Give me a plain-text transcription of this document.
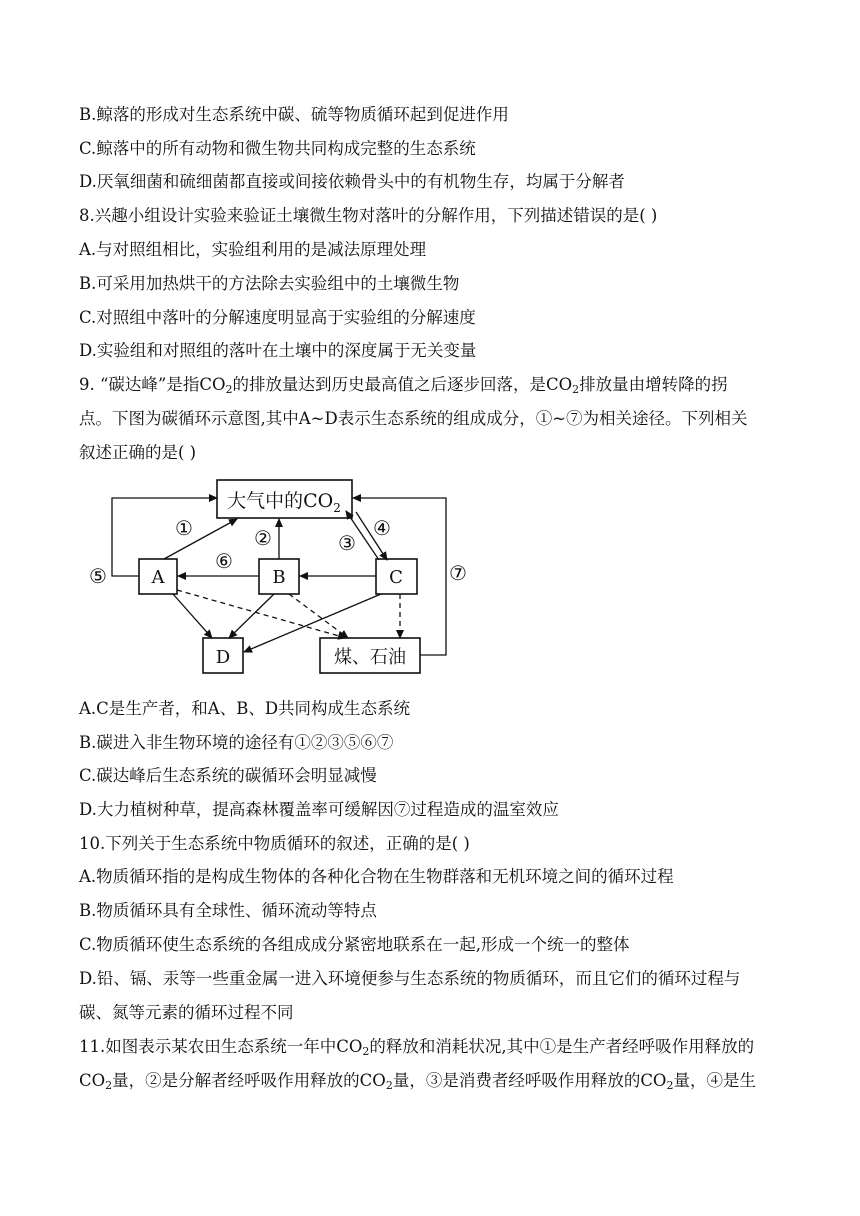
B.鲸落的形成对生态系统中碳、硫等物质循环起到促进作用
C.鲸落中的所有动物和微生物共同构成完整的生态系统
D.厌氧细菌和硫细菌都直接或间接依赖骨头中的有机物生存，均属于分解者
8.兴趣小组设计实验来验证土壤微生物对落叶的分解作用，下列描述错误的是( )
A.与对照组相比，实验组利用的是减法原理处理
B.可采用加热烘干的方法除去实验组中的土壤微生物
C.对照组中落叶的分解速度明显高于实验组的分解速度
D.实验组和对照组的落叶在土壤中的深度属于无关变量
9. “碳达峰”是指$CO_2$的排放量达到历史最高值之后逐步回落，是$CO_2$排放量由增转降的拐
点。下图为碳循环示意图,其中A~D表示生态系统的组成成分，①~⑦为相关途径。下列相关
叙述正确的是( )
大气中的$CO_2$
A	B	C
D	煤、石油
①	②	③
④
⑤
⑥	⑦
A.C是生产者，和A、B、D共同构成生态系统
B.碳进入非生物环境的途径有①②③⑤⑥⑦
C.碳达峰后生态系统的碳循环会明显减慢
D.大力植树种草，提高森林覆盖率可缓解因⑦过程造成的温室效应
10.下列关于生态系统中物质循环的叙述，正确的是( )
A.物质循环指的是构成生物体的各种化合物在生物群落和无机环境之间的循环过程
B.物质循环具有全球性、循环流动等特点
C.物质循环使生态系统的各组成成分紧密地联系在一起,形成一个统一的整体
D.铅、镉、汞等一些重金属一进入环境便参与生态系统的物质循环，而且它们的循环过程与
碳、氮等元素的循环过程不同
11.如图表示某农田生态系统一年中$CO_2$的释放和消耗状况,其中①是生产者经呼吸作用释放的
$CO_2$量，②是分解者经呼吸作用释放的$CO_2$量，③是消费者经呼吸作用释放的$CO_2$量，④是生
